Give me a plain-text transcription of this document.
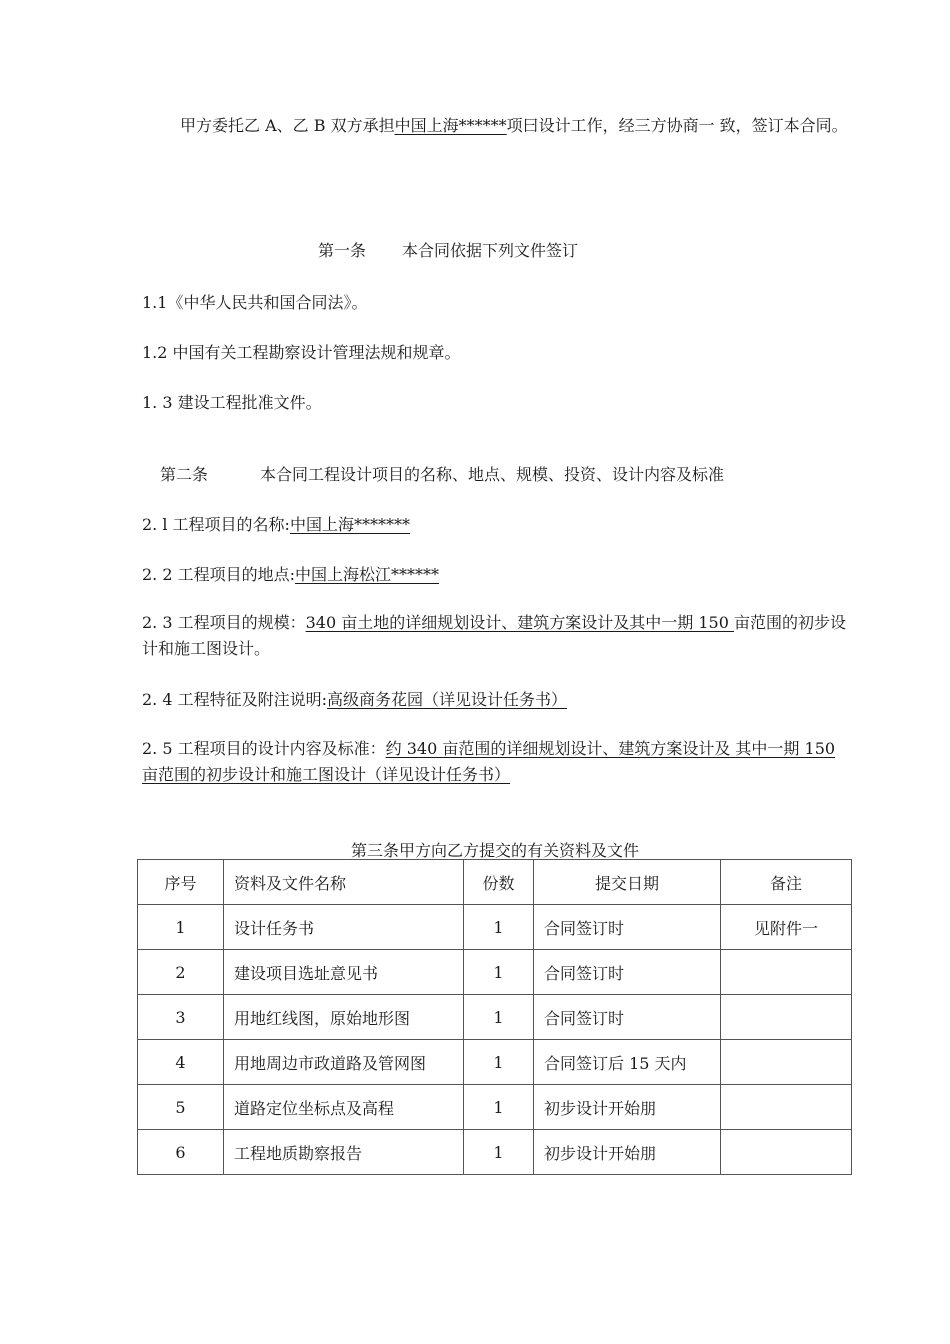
甲方委托乙 A、乙 B 双方承担中国上海******项曰设计工作，经三方协商一 致，签订本合同。
第一条 本合同依据下列文件签订
1.1《中华人民共和国合同法》。
1.2 中国有关工程勘察设计管理法规和规章。
1. 3 建设工程批准文件。
第二条	本合同工程设计项目的名称、地点、规模、投资、设计内容及标准
2. l 工程项目的名称:中国上海*******
2. 2 工程项目的地点:中国上海松江******
2. 3 工程项目的规模：340 亩土地的详细规划设计、建筑方案设计及其中一期 150 亩范围的初步设计和施工图设计。
2. 4 工程特征及附注说明:高级商务花园（详见设计任务书）
2. 5 工程项目的设计内容及标准：约 340 亩范围的详细规划设计、建筑方案设计及 其中一期 150 亩范围的初步设计和施工图设计（详见设计任务书）
第三条甲方向乙方提交的有关资料及文件
序号	资料及文件名称	份数	提交日期	备注
1	设计任务书	1	合同签订时	见附件一
2	建设项目选址意见书	1	合同签订时	
3	用地红线图，原始地形图	1	合同签订时	
4	用地周边市政道路及管网图	1	合同签订后 15 天内	
5	道路定位坐标点及高程	1	初步设计开始朋	
6	工程地质勘察报告	1	初步设计开始朋	
